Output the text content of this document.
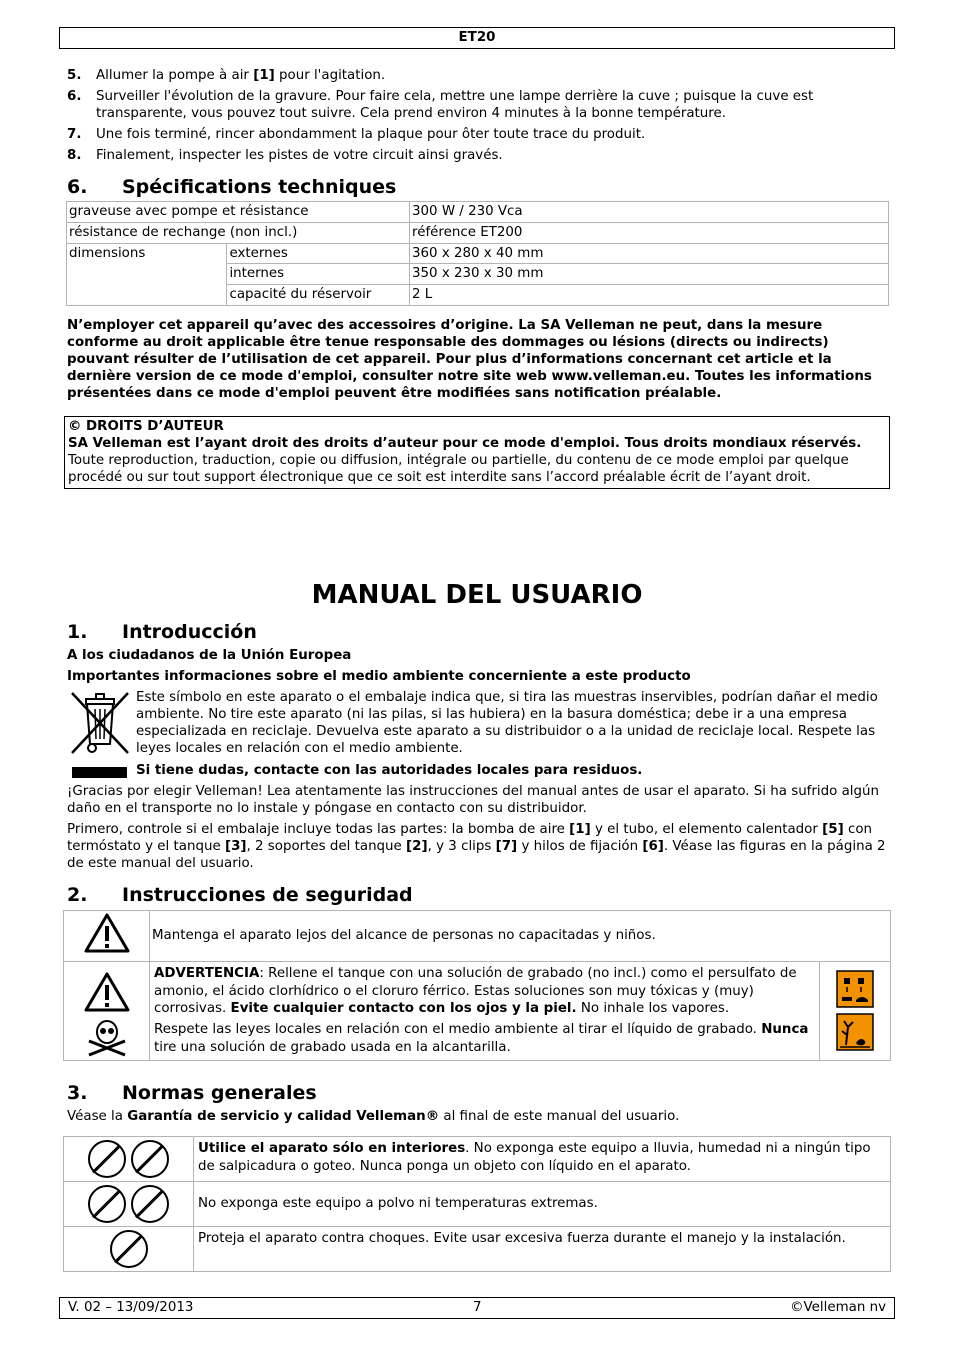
ET20
5.	Allumer la pompe à air [1] pour l'agitation.
6.	Surveiller l'évolution de la gravure. Pour faire cela, mettre une lampe derrière la cuve ; puisque la cuve est transparente, vous pouvez tout suivre. Cela prend environ 4 minutes à la bonne température.
7.	Une fois terminé, rincer abondamment la plaque pour ôter toute trace du produit.
8.	Finalement, inspecter les pistes de votre circuit ainsi gravés.
6. Spécifications techniques
graveuse avec pompe et résistance		300 W / 230 Vca
résistance de rechange (non incl.)		référence ET200
dimensions	externes	360 x 280 x 40 mm
	internes	350 x 230 x 30 mm
	capacité du réservoir	2 L
N’employer cet appareil qu’avec des accessoires d’origine. La SA Velleman ne peut, dans la mesure conforme au droit applicable être tenue responsable des dommages ou lésions (directs ou indirects) pouvant résulter de l’utilisation de cet appareil. Pour plus d’informations concernant cet article et la dernière version de ce mode d'emploi, consulter notre site web www.velleman.eu. Toutes les informations présentées dans ce mode d'emploi peuvent être modifiées sans notification préalable.
© DROITS D’AUTEUR
SA Velleman est l’ayant droit des droits d’auteur pour ce mode d'emploi. Tous droits mondiaux réservés. Toute reproduction, traduction, copie ou diffusion, intégrale ou partielle, du contenu de ce mode emploi par quelque procédé ou sur tout support électronique que ce soit est interdite sans l’accord préalable écrit de l’ayant droit.
MANUAL DEL USUARIO
1. Introducción
A los ciudadanos de la Unión Europea
Importantes informaciones sobre el medio ambiente concerniente a este producto
Este símbolo en este aparato o el embalaje indica que, si tira las muestras inservibles, podrían dañar el medio ambiente. No tire este aparato (ni las pilas, si las hubiera) en la basura doméstica; debe ir a una empresa especializada en reciclaje. Devuelva este aparato a su distribuidor o a la unidad de reciclaje local. Respete las leyes locales en relación con el medio ambiente.
Si tiene dudas, contacte con las autoridades locales para residuos.
¡Gracias por elegir Velleman! Lea atentamente las instrucciones del manual antes de usar el aparato. Si ha sufrido algún daño en el transporte no lo instale y póngase en contacto con su distribuidor.
Primero, controle si el embalaje incluye todas las partes: la bomba de aire [1] y el tubo, el elemento calentador [5] con termóstato y el tanque [3], 2 soportes del tanque [2], y 3 clips [7] y hilos de fijación [6]. Véase las figuras en la página 2 de este manual del usuario.
2. Instrucciones de seguridad
	Mantenga el aparato lejos del alcance de personas no capacitadas y niños.	

ADVERTENCIA: Rellene el tanque con una solución de grabado (no incl.) como el persulfato de amonio, el ácido clorhídrico o el cloruro férrico. Estas soluciones son muy tóxicas y (muy) corrosivas. Evite cualquier contacto con los ojos y la piel. No inhale los vapores.
Respete las leyes locales en relación con el medio ambiente al tirar el líquido de grabado. Nunca tire una solución de grabado usada en la alcantarilla.

3. Normas generales
Véase la Garantía de servicio y calidad Velleman® al final de este manual del usuario.
	Utilice el aparato sólo en interiores. No exponga este equipo a lluvia, humedad ni a ningún tipo de salpicadura o goteo. Nunca ponga un objeto con líquido en el aparato.
	No exponga este equipo a polvo ni temperaturas extremas.
	Proteja el aparato contra choques. Evite usar excesiva fuerza durante el manejo y la instalación.
V. 02 – 13/09/2013	7	©Velleman nv
